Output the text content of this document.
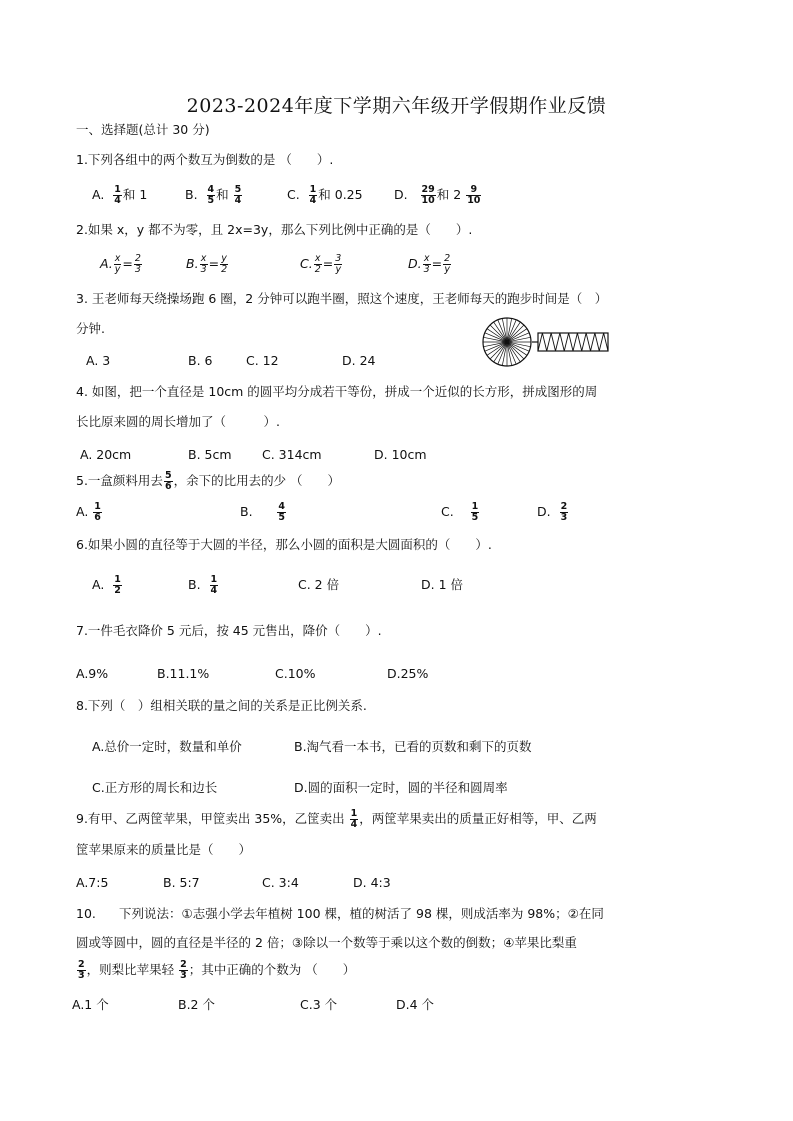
2023-2024年度下学期六年级开学假期作业反馈
一、选择题(总计 30 分)
1.下列各组中的两个数互为倒数的是 （　　）.
A. $\frac{1}{4}$ 和 1	B. $\frac{4}{5}$ 和 $\frac{5}{4}$	C. $\frac{1}{4}$ 和 0.25	D. $\frac{29}{10}$ 和 $2 \frac{9}{10}$
2.如果 x，y 都不为零，且 2x=3y，那么下列比例中正确的是（　　）.
A. $\frac{x}{y} = \frac{2}{3}$	B. $\frac{x}{3} = \frac{y}{2}$	C. $\frac{x}{2} = \frac{3}{y}$	D. $\frac{x}{3} = \frac{2}{y}$
3. 王老师每天绕操场跑 6 圈，2 分钟可以跑半圈，照这个速度，王老师每天的跑步时间是（　）
分钟.
A. 3	B. 6	C. 12	D. 24
4. 如图，把一个直径是 10cm 的圆平均分成若干等份，拼成一个近似的长方形，拼成图形的周
长比原来圆的周长增加了（　　　）.
A. 20cm	B. 5cm C. 314cm	D. 10cm
5.一盒颜料用去 $\frac{5}{6}$ ，余下的比用去的少 （　　）
A. $\frac{1}{6}$	B.	$\frac{4}{5}$	C. $\frac{1}{5}$	D. $\frac{2}{3}$
6.如果小圆的直径等于大圆的半径，那么小圆的面积是大圆面积的（　　）.
A. $\frac{1}{2}$	B. $\frac{1}{4}$	C. 2 倍	D. 1 倍
7.一件毛衣降价 5 元后，按 45 元售出，降价（　　）.
A.9%	B.11.1%	C.10%	D.25%
8.下列（　）组相关联的量之间的关系是正比例关系.
A.总价一定时，数量和单价	B.淘气看一本书，已看的页数和剩下的页数
C.正方形的周长和边长	D.圆的面积一定时，圆的半径和圆周率
9.有甲、乙两筐苹果，甲筐卖出 35%，乙筐卖出 $\frac{1}{4}$ ，两筐苹果卖出的质量正好相等，甲、乙两
筐苹果原来的质量比是（　　）
A.7:5	B. 5:7	C. 3:4	D. 4:3
10. 下列说法：①志强小学去年植树 100 棵，植的树活了 98 棵，则成活率为 98%；②在同
圆或等圆中，圆的直径是半径的 2 倍；③除以一个数等于乘以这个数的倒数；④苹果比梨重
$\frac{2}{3}$ ，则梨比苹果轻 $\frac{2}{3}$ ；其中正确的个数为 （　　）
A.1 个	B.2 个	C.3 个	D.4 个
